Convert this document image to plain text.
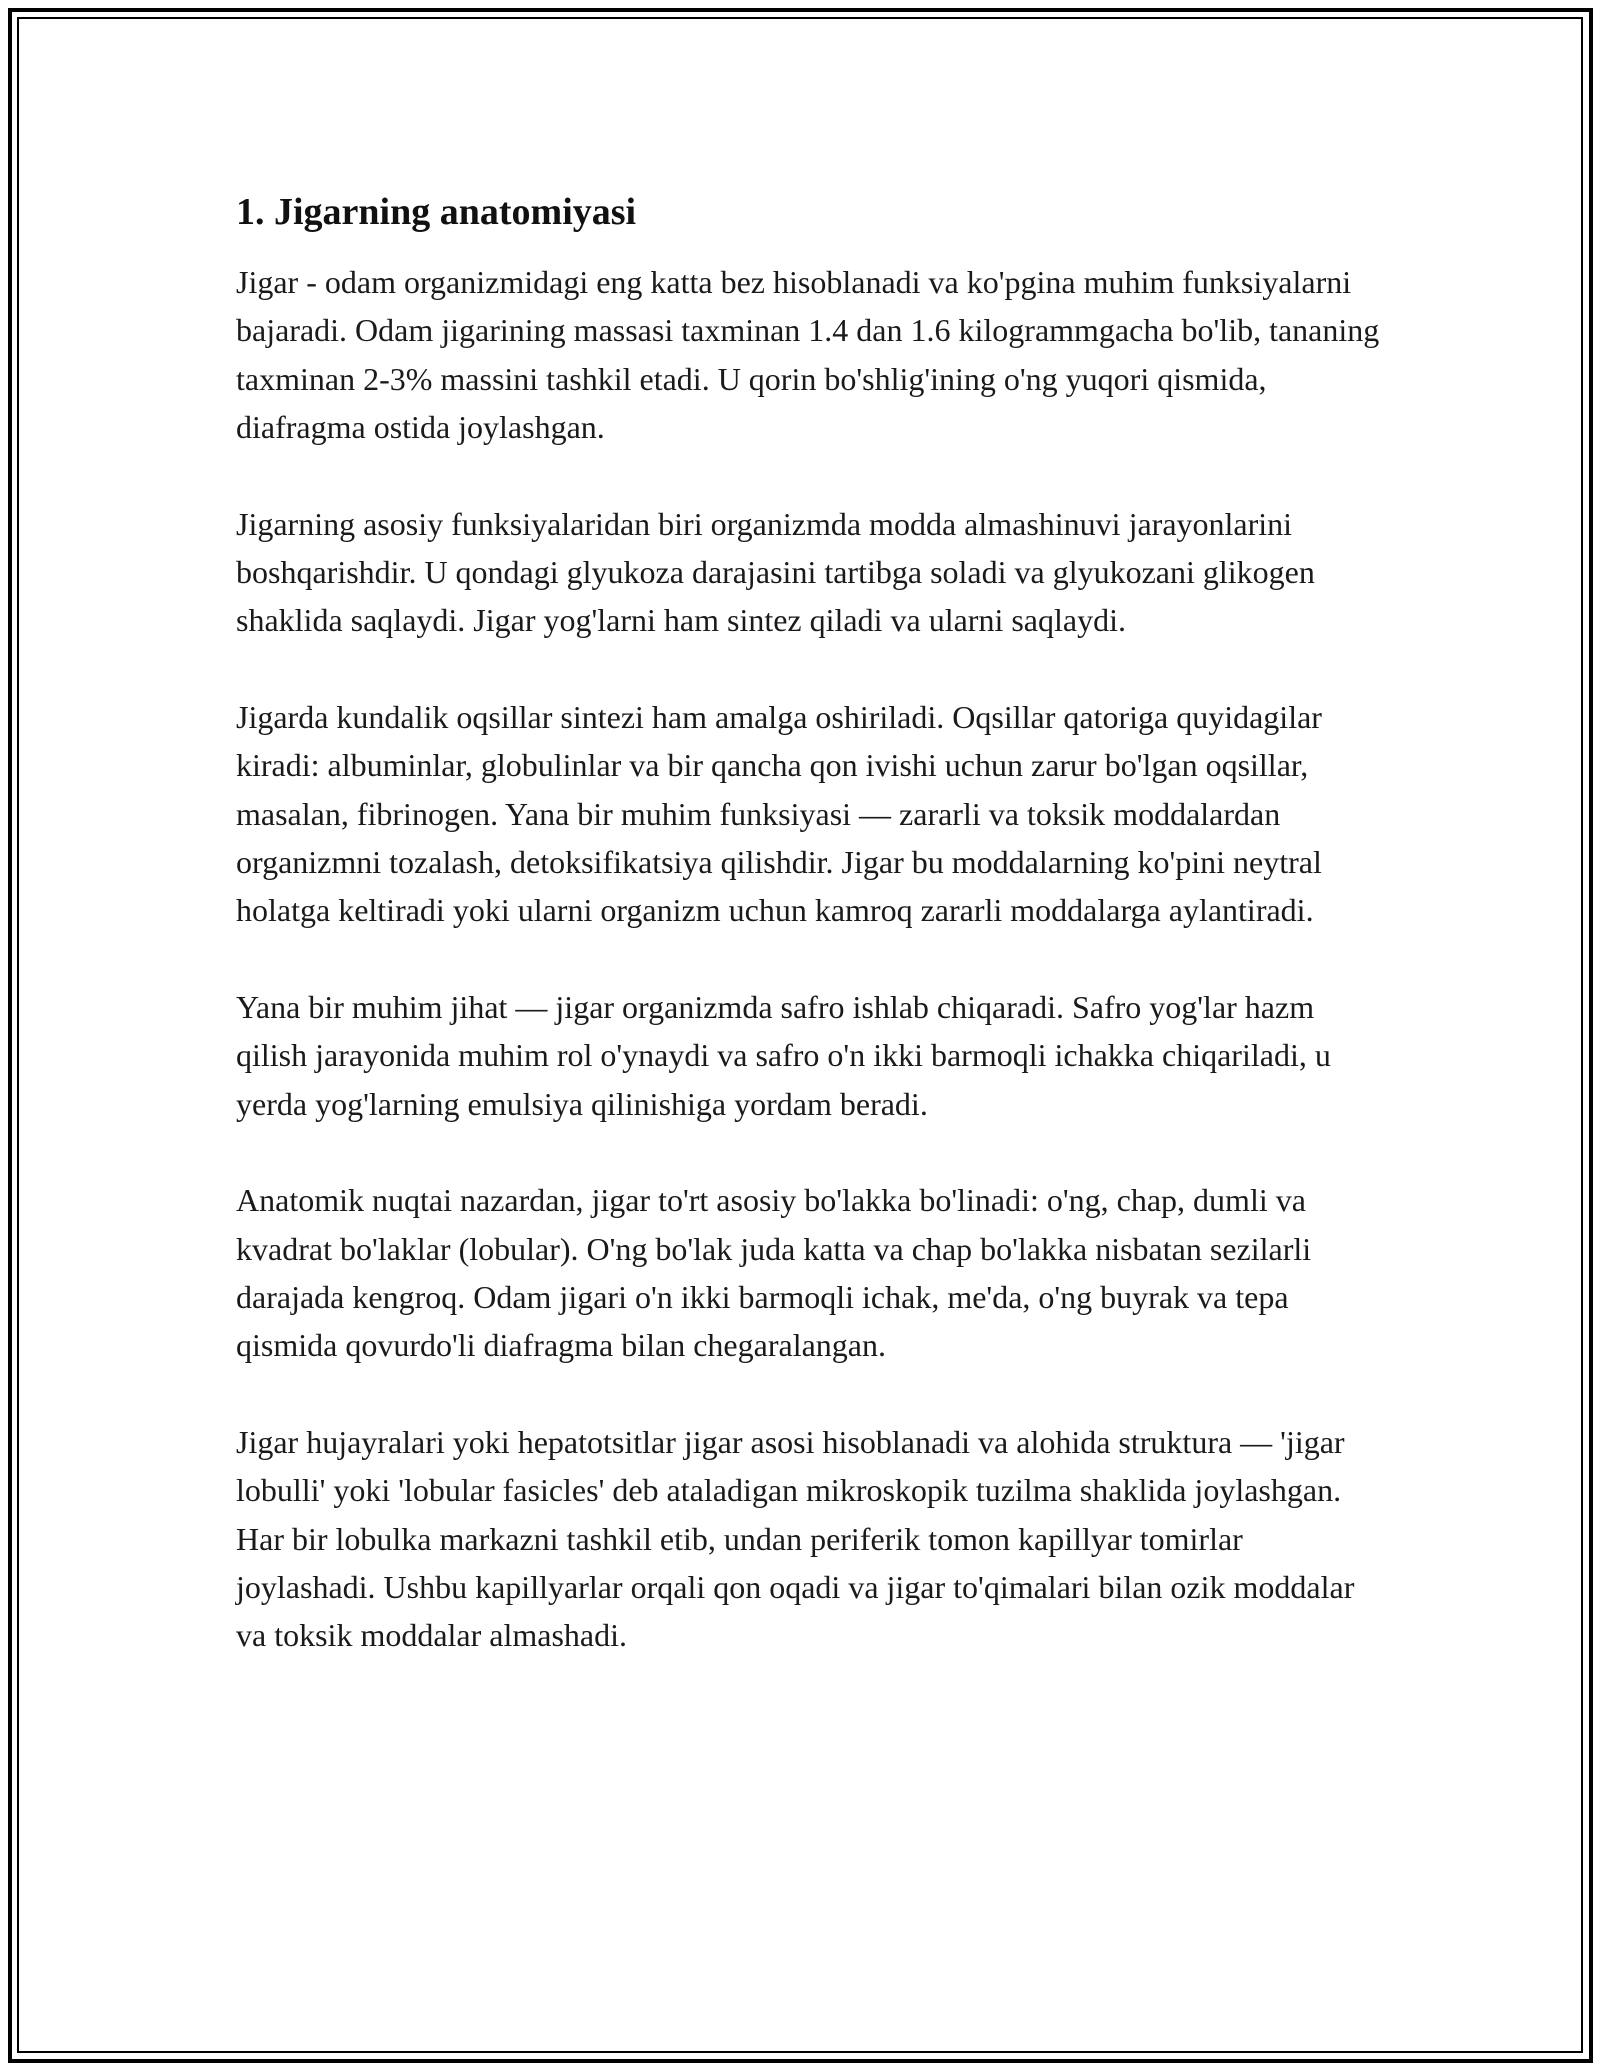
1. Jigarning anatomiyasi

Jigar - odam organizmidagi eng katta bez hisoblanadi va ko'pgina muhim funksiyalarni bajaradi. Odam jigarining massasi taxminan 1.4 dan 1.6 kilogrammgacha bo'lib, tananing taxminan 2-3% massini tashkil etadi. U qorin bo'shlig'ining o'ng yuqori qismida, diafragma ostida joylashgan.

Jigarning asosiy funksiyalaridan biri organizmda modda almashinuvi jarayonlarini boshqarishdir. U qondagi glyukoza darajasini tartibga soladi va glyukozani glikogen shaklida saqlaydi. Jigar yog'larni ham sintez qiladi va ularni saqlaydi.

Jigarda kundalik oqsillar sintezi ham amalga oshiriladi. Oqsillar qatoriga quyidagilar kiradi: albuminlar, globulinlar va bir qancha qon ivishi uchun zarur bo'lgan oqsillar, masalan, fibrinogen. Yana bir muhim funksiyasi — zararli va toksik moddalardan organizmni tozalash, detoksifikatsiya qilishdir. Jigar bu moddalarning ko'pini neytral holatga keltiradi yoki ularni organizm uchun kamroq zararli moddalarga aylantiradi.

Yana bir muhim jihat — jigar organizmda safro ishlab chiqaradi. Safro yog'lar hazm qilish jarayonida muhim rol o'ynaydi va safro o'n ikki barmoqli ichakka chiqariladi, u yerda yog'larning emulsiya qilinishiga yordam beradi.

Anatomik nuqtai nazardan, jigar to'rt asosiy bo'lakka bo'linadi: o'ng, chap, dumli va kvadrat bo'laklar (lobular). O'ng bo'lak juda katta va chap bo'lakka nisbatan sezilarli darajada kengroq. Odam jigari o'n ikki barmoqli ichak, me'da, o'ng buyrak va tepa qismida qovurdo'li diafragma bilan chegaralangan.

Jigar hujayralari yoki hepatotsitlar jigar asosi hisoblanadi va alohida struktura — 'jigar lobulli' yoki 'lobular fasicles' deb ataladigan mikroskopik tuzilma shaklida joylashgan. Har bir lobulka markazni tashkil etib, undan periferik tomon kapillyar tomirlar joylashadi. Ushbu kapillyarlar orqali qon oqadi va jigar to'qimalari bilan ozik moddalar va toksik moddalar almashadi.
